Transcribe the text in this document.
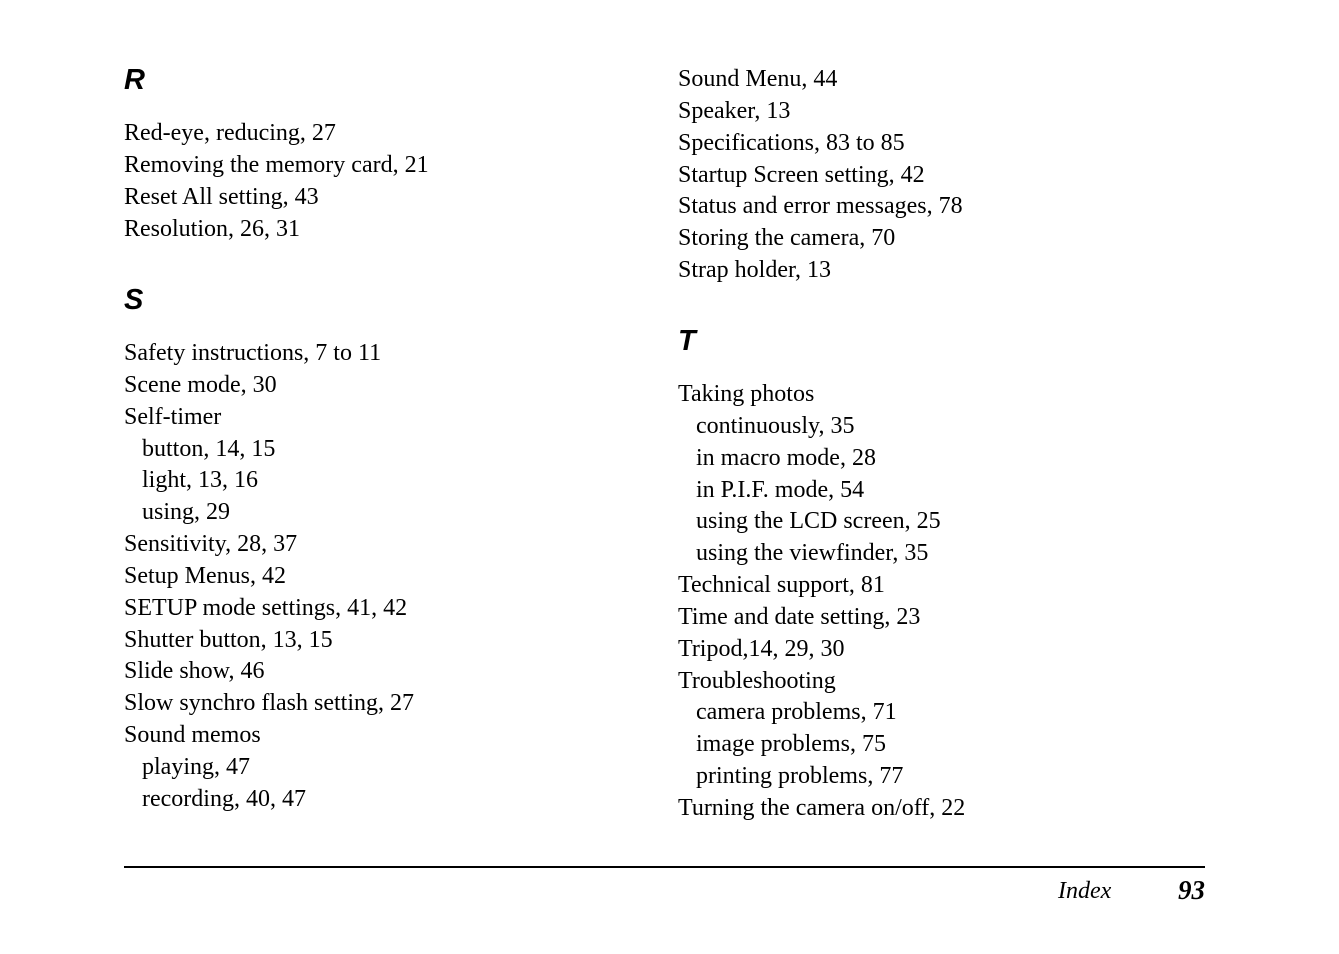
R
Red-eye, reducing, 27
Removing the memory card, 21
Reset All setting, 43
Resolution, 26, 31
S
Safety instructions, 7 to 11
Scene mode, 30
Self-timer
button, 14, 15
light, 13, 16
using, 29
Sensitivity, 28, 37
Setup Menus, 42
SETUP mode settings, 41, 42
Shutter button, 13, 15
Slide show, 46
Slow synchro flash setting, 27
Sound memos
playing, 47
recording, 40, 47
Sound Menu, 44
Speaker, 13
Specifications, 83 to 85
Startup Screen setting, 42
Status and error messages, 78
Storing the camera, 70
Strap holder, 13
T
Taking photos
continuously, 35
in macro mode, 28
in P.I.F. mode, 54
using the LCD screen, 25
using the viewfinder, 35
Technical support, 81
Time and date setting, 23
Tripod,14, 29, 30
Troubleshooting
camera problems, 71
image problems, 75
printing problems, 77
Turning the camera on/off, 22
Index 93
